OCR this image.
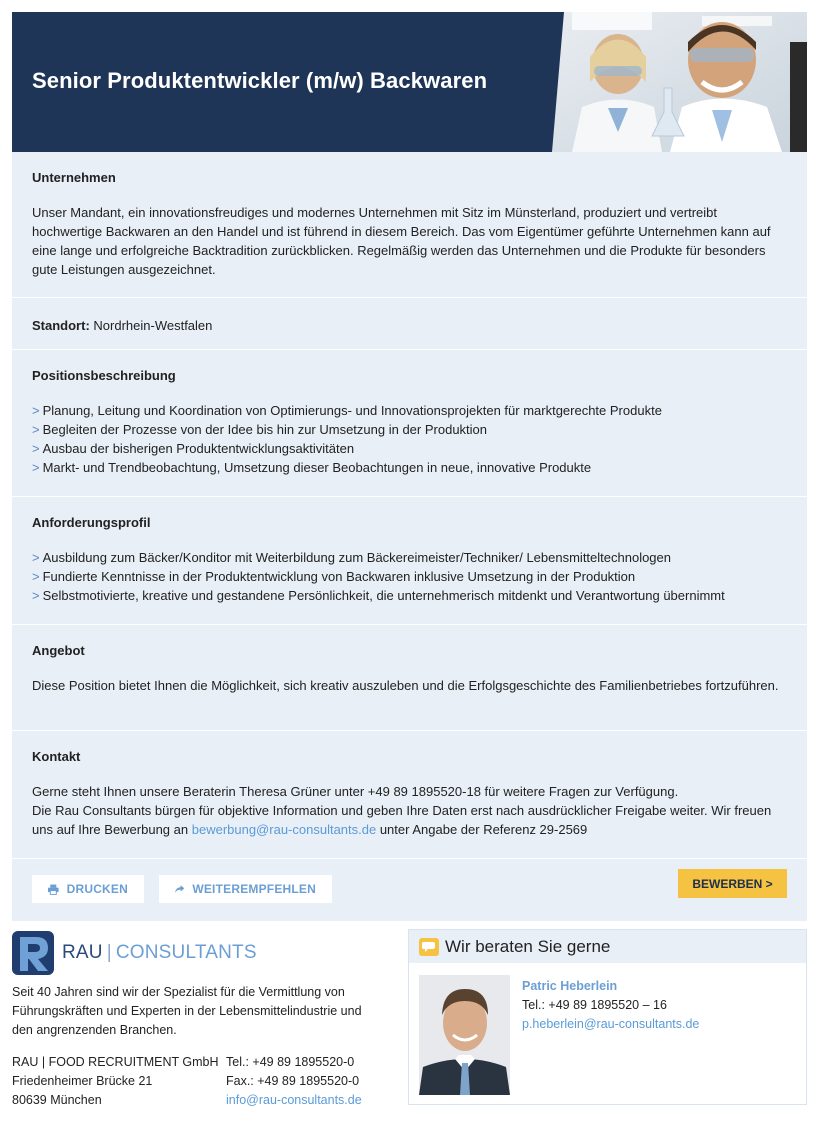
Senior Produktentwickler (m/w) Backwaren
Unternehmen

Unser Mandant, ein innovationsfreudiges und modernes Unternehmen mit Sitz im Münsterland, produziert und vertreibt hochwertige Backwaren an den Handel und ist führend in diesem Bereich. Das vom Eigentümer geführte Unternehmen kann auf eine lange und erfolgreiche Backtradition zurückblicken. Regelmäßig werden das Unternehmen und die Produkte für besonders gute Leistungen ausgezeichnet.

Standort: Nordrhein-Westfalen

Positionsbeschreibung
> Planung, Leitung und Koordination von Optimierungs- und Innovationsprojekten für marktgerechte Produkte
> Begleiten der Prozesse von der Idee bis hin zur Umsetzung in der Produktion
> Ausbau der bisherigen Produktentwicklungsaktivitäten
> Markt- und Trendbeobachtung, Umsetzung dieser Beobachtungen in neue, innovative Produkte
Anforderungsprofil
> Ausbildung zum Bäcker/Konditor mit Weiterbildung zum Bäckereimeister/Techniker/ Lebensmitteltechnologen
> Fundierte Kenntnisse in der Produktentwicklung von Backwaren inklusive Umsetzung in der Produktion
> Selbstmotivierte, kreative und gestandene Persönlichkeit, die unternehmerisch mitdenkt und Verantwortung übernimmt
Angebot

Diese Position bietet Ihnen die Möglichkeit, sich kreativ auszuleben und die Erfolgsgeschichte des Familienbetriebes fortzuführen.

Kontakt

Gerne steht Ihnen unsere Beraterin Theresa Grüner unter +49 89 1895520-18 für weitere Fragen zur Verfügung.

Die Rau Consultants bürgen für objektive Information und geben Ihre Daten erst nach ausdrücklicher Freigabe weiter. Wir freuen uns auf Ihre Bewerbung an bewerbung@rau-consultants.de unter Angabe der Referenz 29-2569

DRUCKEN	WEITEREMPFEHLEN	BEWERBEN >
RAU | CONSULTANTS

Seit 40 Jahren sind wir der Spezialist für die Vermittlung von Führungskräften und Experten in der Lebensmittelindustrie und den angrenzenden Branchen.

RAU | FOOD RECRUITMENT GmbH
Friedenheimer Brücke 21
80639 München
Tel.: +49 89 1895520-0
Fax.: +49 89 1895520-0
info@rau-consultants.de
Wir beraten Sie gerne
Patric Heberlein
Tel.: +49 89 1895520 – 16
p.heberlein@rau-consultants.de
